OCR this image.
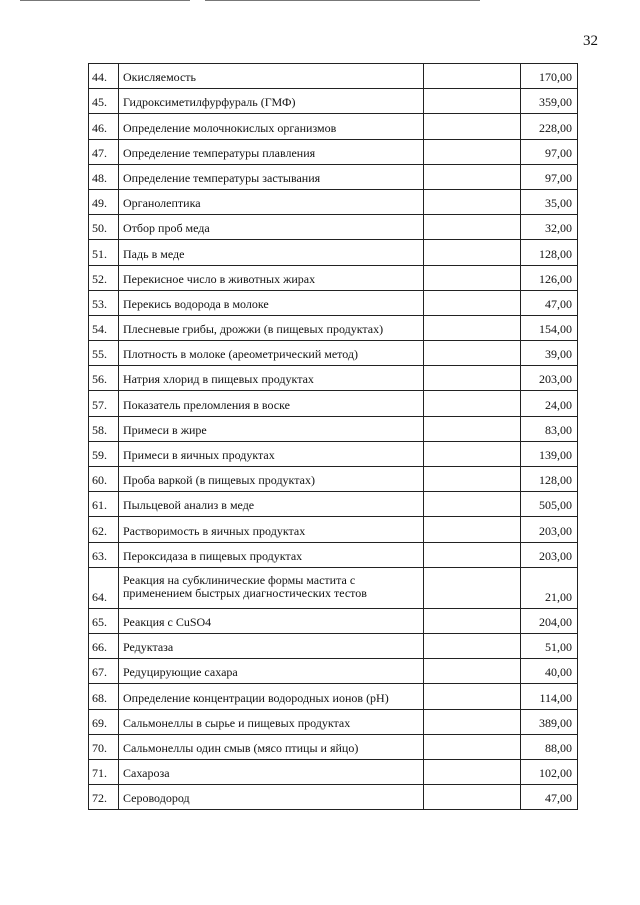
32
44.	Окисляемость		170,00
45.	Гидроксиметилфурфураль (ГМФ)		359,00
46.	Определение молочнокислых организмов		228,00
47.	Определение температуры плавления		97,00
48.	Определение температуры застывания		97,00
49.	Органолептика		35,00
50.	Отбор проб меда		32,00
51.	Падь в меде		128,00
52.	Перекисное число в животных жирах		126,00
53.	Перекись водорода в молоке		47,00
54.	Плесневые грибы, дрожжи (в пищевых продуктах)		154,00
55.	Плотность в молоке (ареометрический метод)		39,00
56.	Натрия хлорид в пищевых продуктах		203,00
57.	Показатель преломления в воске		24,00
58.	Примеси в жире		83,00
59.	Примеси в яичных продуктах		139,00
60.	Проба варкой (в пищевых продуктах)		128,00
61.	Пыльцевой анализ в меде		505,00
62.	Растворимость в яичных продуктах		203,00
63.	Пероксидаза в пищевых продуктах		203,00
64.	Реакция на субклинические формы мастита с применением быстрых диагностических тестов		21,00
65.	Реакция с CuSO4		204,00
66.	Редуктаза		51,00
67.	Редуцирующие сахара		40,00
68.	Определение концентрации водородных ионов (pH)		114,00
69.	Сальмонеллы в сырье и пищевых продуктах		389,00
70.	Сальмонеллы один смыв (мясо птицы и яйцо)		88,00
71.	Сахароза		102,00
72.	Сероводород		47,00
